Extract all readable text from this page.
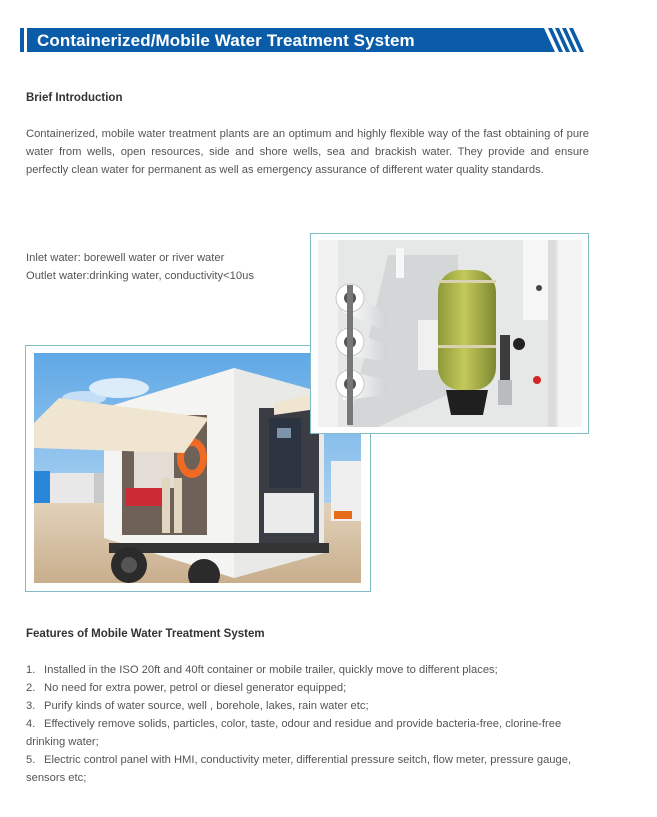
Containerized/Mobile Water Treatment System
Brief Introduction
Containerized, mobile water treatment plants are an optimum and highly flexible way of the fast obtaining of pure water from wells, open resources, side and shore wells, sea and brackish water. They provide and ensure perfectly clean water for permanent as well as emergency assurance of different water quality standards.
Inlet water: borewell water or river water
Outlet water:drinking water, conductivity<10us
Features of Mobile Water Treatment System
1. Installed in the ISO 20ft and 40ft container or mobile trailer, quickly move to different places;
2. No need for extra power, petrol or diesel generator equipped;
3. Purify kinds of water source, well , borehole, lakes, rain water etc;
4. Effectively remove solids, particles, color, taste, odour and residue and provide bacteria-free, clorine-free drinking water;
5. Electric control panel with HMI, conductivity meter, differential pressure seitch, flow meter, pressure gauge, sensors etc;
